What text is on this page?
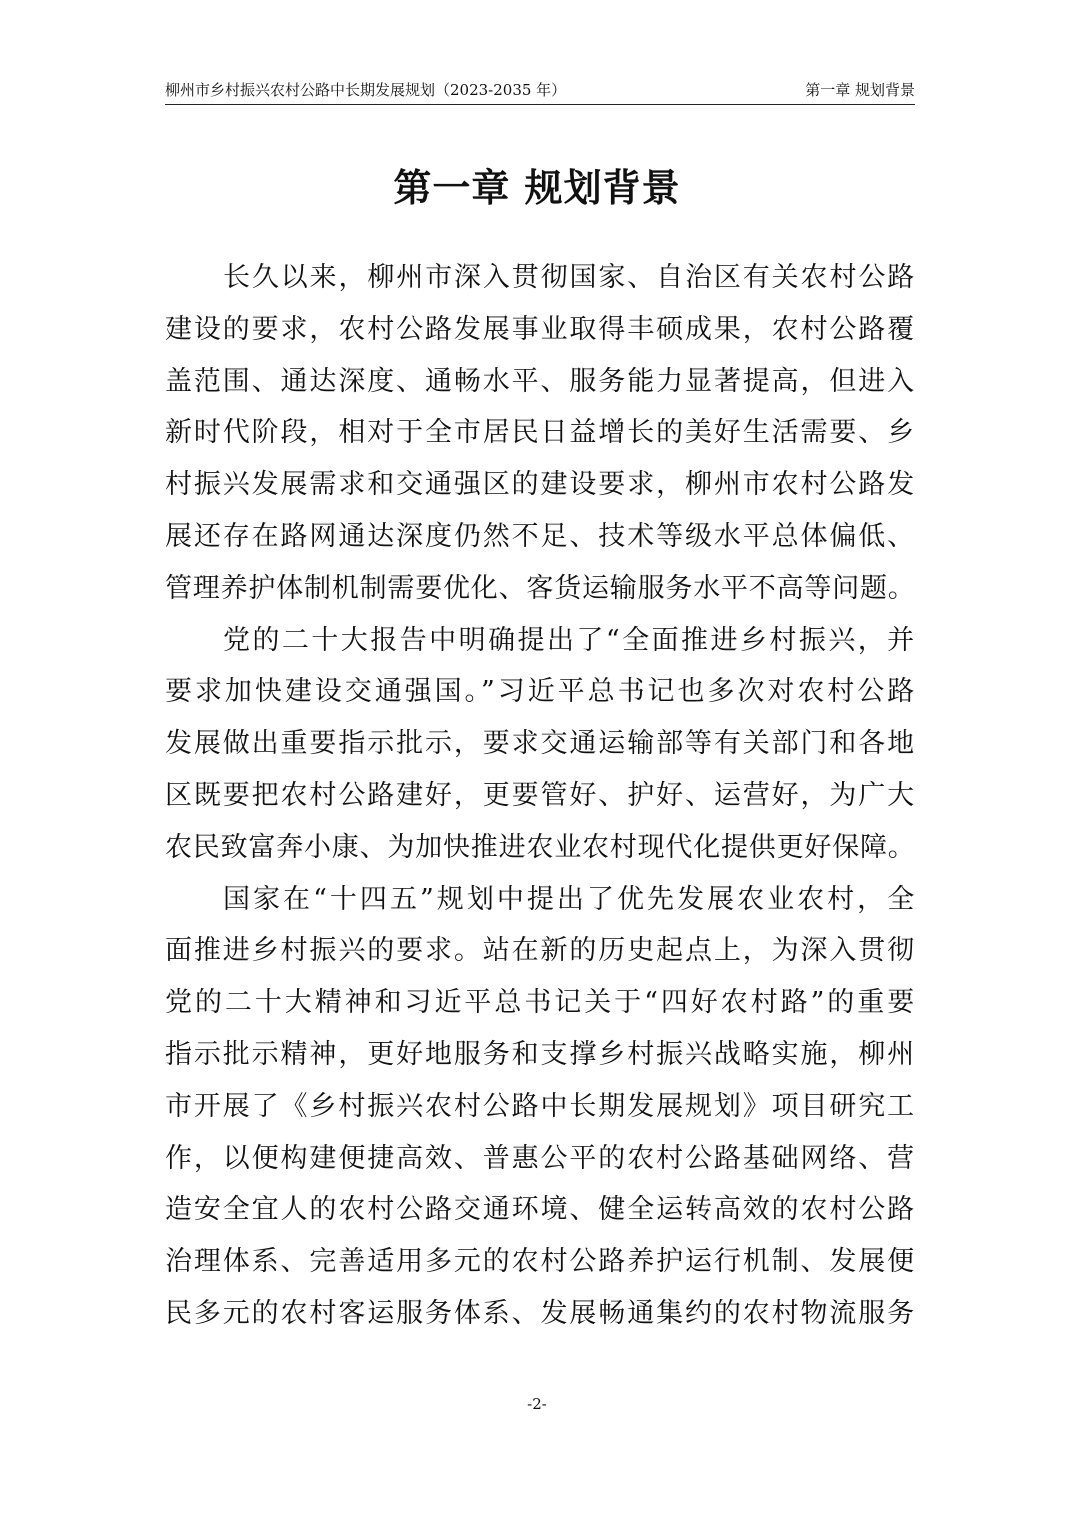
柳州市乡村振兴农村公路中长期发展规划（2023-2035 年）	第一章 规划背景
第一章 规划背景
长久以来，柳州市深入贯彻国家、自治区有关农村公路
建设的要求，农村公路发展事业取得丰硕成果，农村公路覆
盖范围、通达深度、通畅水平、服务能力显著提高，但进入
新时代阶段，相对于全市居民日益增长的美好生活需要、乡
村振兴发展需求和交通强区的建设要求，柳州市农村公路发
展还存在路网通达深度仍然不足、技术等级水平总体偏低、
管理养护体制机制需要优化、客货运输服务水平不高等问题。
党的二十大报告中明确提出了“全面推进乡村振兴，并
要求加快建设交通强国。”习近平总书记也多次对农村公路
发展做出重要指示批示，要求交通运输部等有关部门和各地
区既要把农村公路建好，更要管好、护好、运营好，为广大
农民致富奔小康、为加快推进农业农村现代化提供更好保障。
国家在“十四五”规划中提出了优先发展农业农村，全
面推进乡村振兴的要求。站在新的历史起点上，为深入贯彻
党的二十大精神和习近平总书记关于“四好农村路”的重要
指示批示精神，更好地服务和支撑乡村振兴战略实施，柳州
市开展了《乡村振兴农村公路中长期发展规划》项目研究工
作，以便构建便捷高效、普惠公平的农村公路基础网络、营
造安全宜人的农村公路交通环境、健全运转高效的农村公路
治理体系、完善适用多元的农村公路养护运行机制、发展便
民多元的农村客运服务体系、发展畅通集约的农村物流服务
-2-
